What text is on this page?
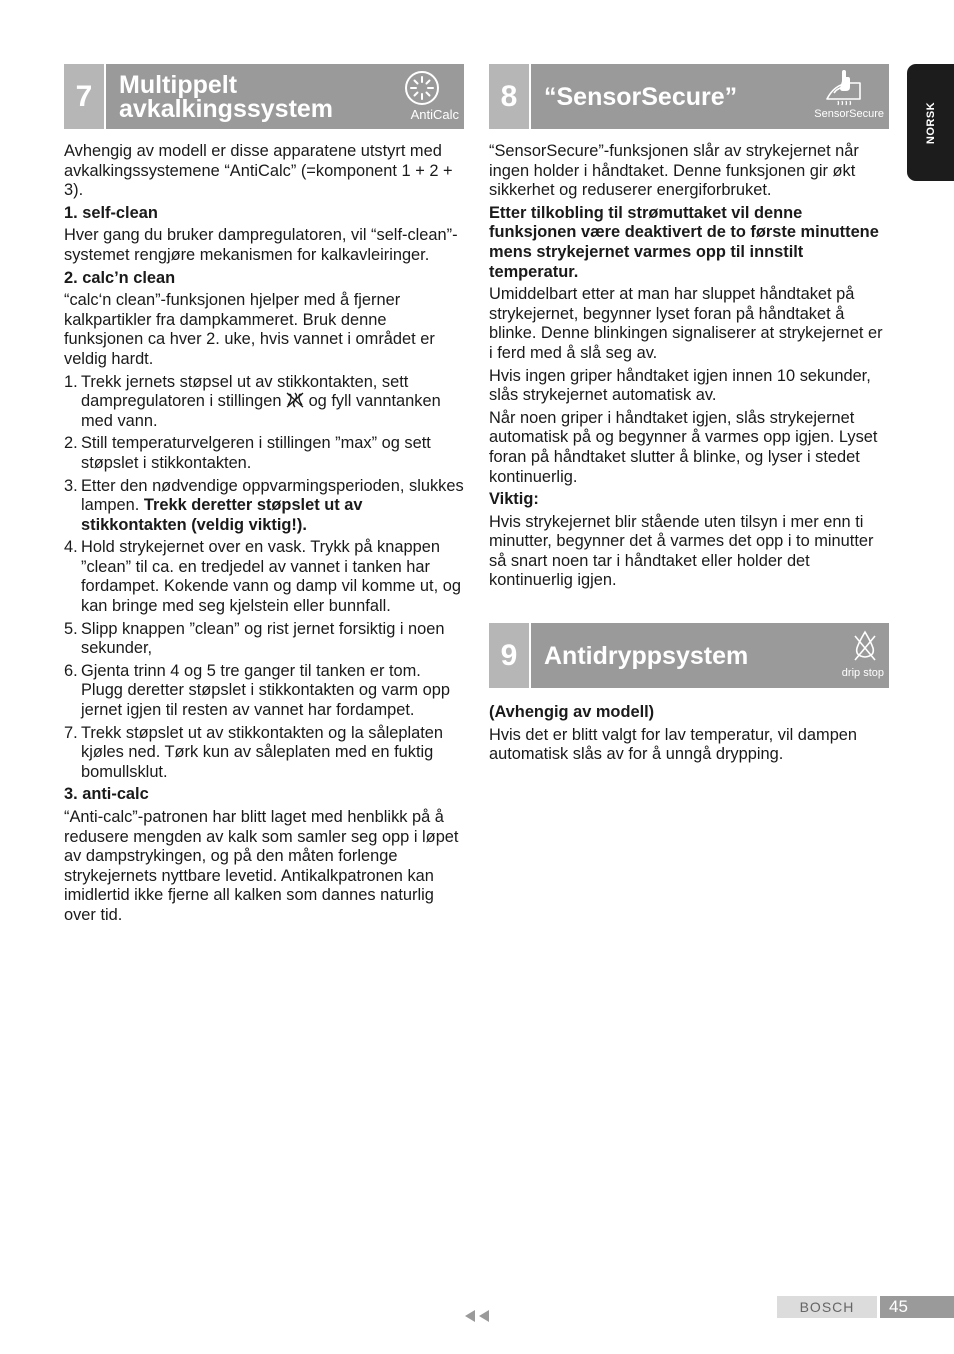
NORSK
7	Multippelt avkalkingssystem	AntiCalc

Avhengig av modell er disse apparatene utstyrt med avkalkingssystemene “AntiCalc” (=komponent 1 + 2 + 3).

1. self-clean

Hver gang du bruker dampregulatoren, vil “self-clean”-systemet rengjøre mekanismen for kalkavleiringer.

2. calc’n clean

“calc‘n clean”-funksjonen hjelper med å fjerner kalkpartikler fra dampkammeret. Bruk denne funksjonen ca hver 2. uke, hvis vannet i området er veldig hardt.

1. Trekk jernets støpsel ut av stikkontakten, sett dampregulatoren i stillingen  og fyll vanntanken med vann.
2. Still temperaturvelgeren i stillingen ”max” og sett støpslet i stikkontakten.
3. Etter den nødvendige oppvarmingsperioden, slukkes lampen. Trekk deretter støpslet ut av stikkontakten (veldig viktig!).
4. Hold strykejernet over en vask. Trykk på knappen ”clean” til ca. en tredjedel av vannet i tanken har fordampet. Kokende vann og damp vil komme ut, og kan bringe med seg kjelstein eller bunnfall.
5. Slipp knappen ”clean” og rist jernet forsiktig i noen sekunder,
6. Gjenta trinn 4 og 5 tre ganger til tanken er tom. Plugg deretter støpslet i stikkontakten og varm opp jernet igjen til resten av vannet har fordampet.
7. Trekk støpslet ut av stikkontakten og la såleplaten kjøles ned. Tørk kun av såleplaten med en fuktig bomullsklut.

3. anti-calc

“Anti-calc”-patronen har blitt laget med henblikk på å redusere mengden av kalk som samler seg opp i løpet av dampstrykingen, og på den måten forlenge strykejernets nyttbare levetid. Antikalkpatronen kan imidlertid ikke fjerne all kalken som dannes naturlig over tid.

8	“SensorSecure”
SensorSecure

“SensorSecure”-funksjonen slår av strykejernet når ingen holder i håndtaket. Denne funksjonen gir økt sikkerhet og reduserer energiforbruket.

Etter tilkobling til strømuttaket vil denne funksjonen være deaktivert de to første minuttene mens strykejernet varmes opp til innstilt temperatur.

Umiddelbart etter at man har sluppet håndtaket på strykejernet, begynner lyset foran på håndtaket å blinke. Denne blinkingen signaliserer at strykejernet er i ferd med å slå seg av.

Hvis ingen griper håndtaket igjen innen 10 sekunder, slås strykejernet automatisk av.

Når noen griper i håndtaket igjen, slås strykejernet automatisk på og begynner å varmes opp igjen. Lyset foran på håndtaket slutter å blinke, og lyser i stedet kontinuerlig.

Viktig:

Hvis strykejernet blir stående uten tilsyn i mer enn ti minutter, begynner det å varmes det opp i to minutter så snart noen tar i håndtaket eller holder det kontinuerlig igjen.

9	Antidryppsystem
drip stop

(Avhengig av modell)

Hvis det er blitt valgt for lav temperatur, vil dampen automatisk slås av for å unngå drypping.

BOSCH	45
